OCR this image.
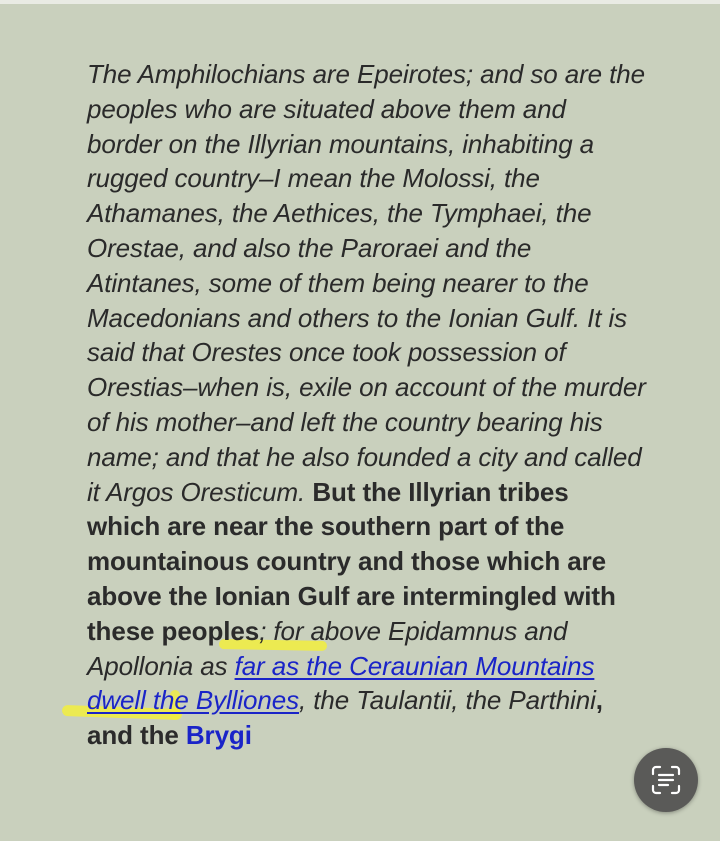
The Amphilochians are Epeirotes; and so are the peoples who are situated above them and border on the Illyrian mountains, inhabiting a rugged country–I mean the Molossi, the Athamanes, the Aethices, the Tymphaei, the Orestae, and also the Paroraei and the Atintanes, some of them being nearer to the Macedonians and others to the Ionian Gulf. It is said that Orestes once took possession of Orestias–when is, exile on account of the murder of his mother–and left the country bearing his name; and that he also founded a city and called it Argos Oresticum. But the Illyrian tribes which are near the southern part of the mountainous country and those which are above the Ionian Gulf are intermingled with these peoples; for above Epidamnus and Apollonia as far as the Ceraunian Mountains dwell the Bylliones, the Taulantii, the Parthini, and the Brygi
